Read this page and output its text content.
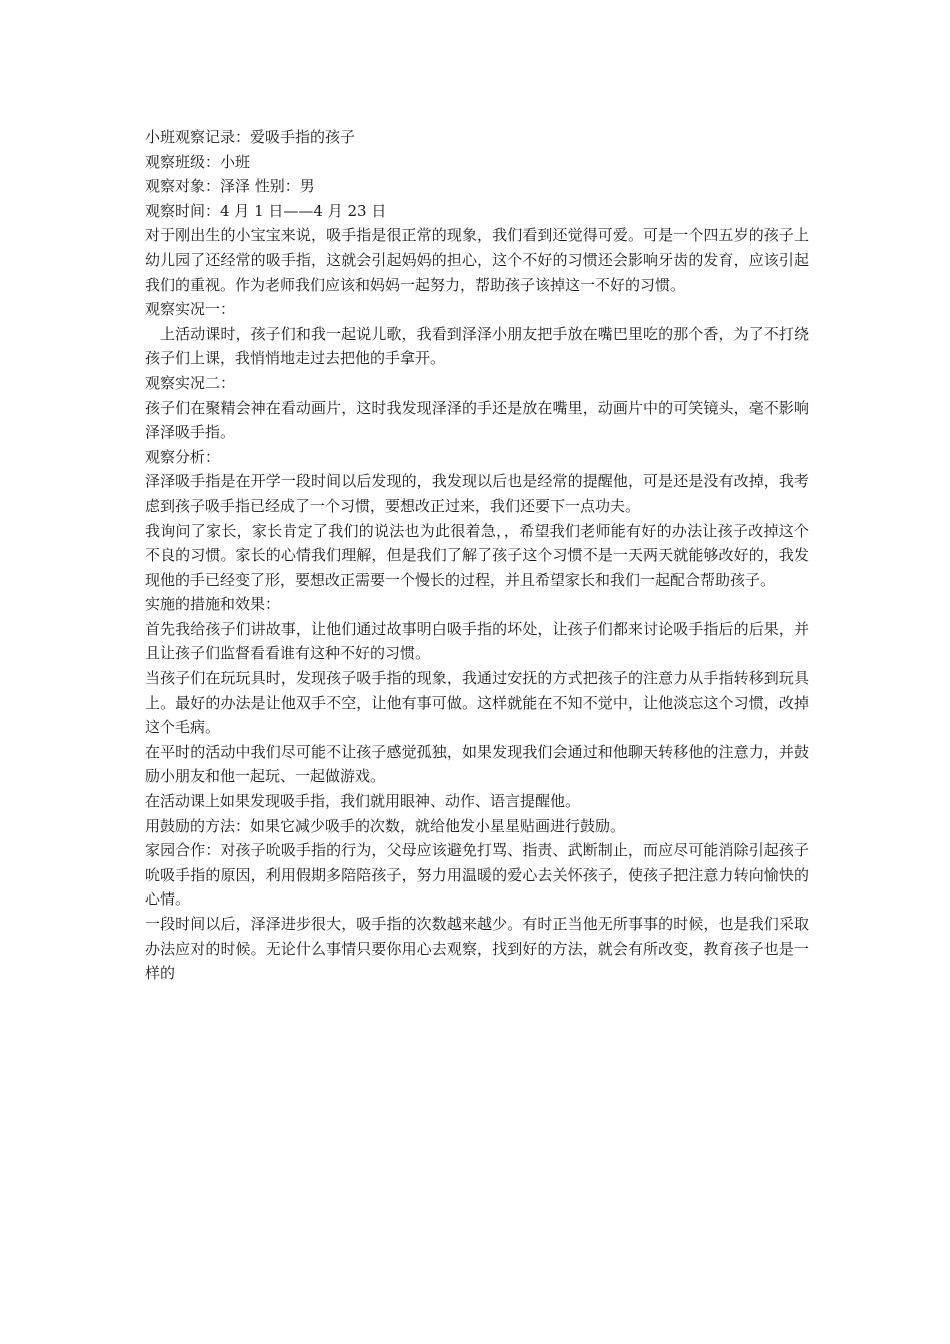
小班观察记录：爱吸手指的孩子

观察班级：小班

观察对象：泽泽 性别：男

观察时间：4 月 1 日——4 月 23 日

对于刚出生的小宝宝来说，吸手指是很正常的现象，我们看到还觉得可爱。可是一个四五岁的孩子上幼儿园了还经常的吸手指，这就会引起妈妈的担心，这个不好的习惯还会影响牙齿的发育，应该引起我们的重视。作为老师我们应该和妈妈一起努力，帮助孩子该掉这一不好的习惯。

观察实况一：

上活动课时，孩子们和我一起说儿歌，我看到泽泽小朋友把手放在嘴巴里吃的那个香，为了不打绕孩子们上课，我悄悄地走过去把他的手拿开。

观察实况二：

孩子们在聚精会神在看动画片，这时我发现泽泽的手还是放在嘴里，动画片中的可笑镜头，毫不影响泽泽吸手指。

观察分析：

泽泽吸手指是在开学一段时间以后发现的，我发现以后也是经常的提醒他，可是还是没有改掉，我考虑到孩子吸手指已经成了一个习惯，要想改正过来，我们还要下一点功夫。

我询问了家长，家长肯定了我们的说法也为此很着急，，希望我们老师能有好的办法让孩子改掉这个不良的习惯。家长的心情我们理解，但是我们了解了孩子这个习惯不是一天两天就能够改好的，我发现他的手已经变了形，要想改正需要一个慢长的过程，并且希望家长和我们一起配合帮助孩子。

实施的措施和效果：

首先我给孩子们讲故事，让他们通过故事明白吸手指的坏处，让孩子们都来讨论吸手指后的后果，并且让孩子们监督看看谁有这种不好的习惯。

当孩子们在玩玩具时，发现孩子吸手指的现象，我通过安抚的方式把孩子的注意力从手指转移到玩具上。最好的办法是让他双手不空，让他有事可做。这样就能在不知不觉中，让他淡忘这个习惯，改掉这个毛病。

在平时的活动中我们尽可能不让孩子感觉孤独，如果发现我们会通过和他聊天转移他的注意力，并鼓励小朋友和他一起玩、一起做游戏。

在活动课上如果发现吸手指，我们就用眼神、动作、语言提醒他。

用鼓励的方法：如果它减少吸手的次数，就给他发小星星贴画进行鼓励。

家园合作：对孩子吮吸手指的行为，父母应该避免打骂、指责、武断制止，而应尽可能消除引起孩子吮吸手指的原因，利用假期多陪陪孩子，努力用温暖的爱心去关怀孩子，使孩子把注意力转向愉快的心情。

一段时间以后，泽泽进步很大，吸手指的次数越来越少。有时正当他无所事事的时候，也是我们采取办法应对的时候。无论什么事情只要你用心去观察，找到好的方法，就会有所改变，教育孩子也是一样的
